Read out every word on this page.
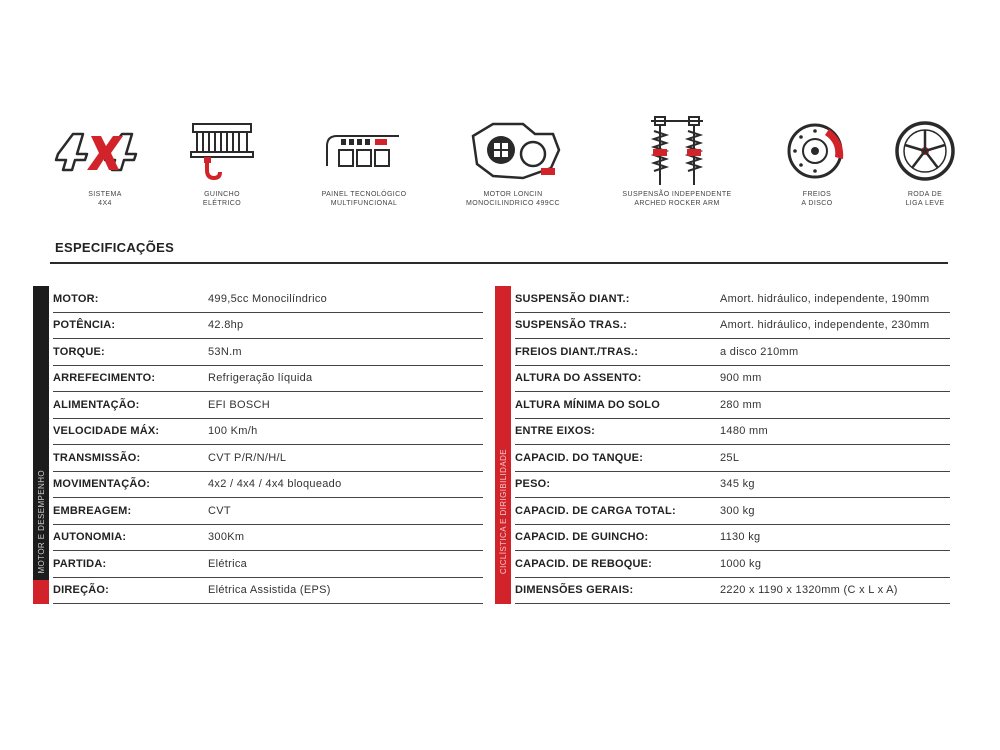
SISTEMA
4X4
GUINCHO
ELÉTRICO
PAINEL TECNOLÓGICO
MULTIFUNCIONAL
MOTOR LONCIN
MONOCILINDRICO 499CC
SUSPENSÃO INDEPENDENTE
ARCHED ROCKER ARM
FREIOS
A DISCO
RODA DE
LIGA LEVE
ESPECIFICAÇÕES
MOTOR E DESEMPENHO
MOTOR:	499,5cc Monocilíndrico
POTÊNCIA:	42.8hp
TORQUE:	53N.m
ARREFECIMENTO:	Refrigeração líquida
ALIMENTAÇÃO:	EFI BOSCH
VELOCIDADE MÁX:	100 Km/h
TRANSMISSÃO:	CVT P/R/N/H/L
MOVIMENTAÇÃO:	4x2 / 4x4 / 4x4 bloqueado
EMBREAGEM:	CVT
AUTONOMIA:	300Km
PARTIDA:	Elétrica
DIREÇÃO:	Elétrica Assistida (EPS)
CICLÍSTICA E DIRIGIBILIDADE
SUSPENSÃO DIANT.:	Amort. hidráulico, independente, 190mm
SUSPENSÃO TRAS.:	Amort. hidráulico, independente, 230mm
FREIOS DIANT./TRAS.:	a disco 210mm
ALTURA DO ASSENTO:	900 mm
ALTURA MÍNIMA DO SOLO	280 mm
ENTRE EIXOS:	1480 mm
CAPACID. DO TANQUE:	25L
PESO:	345 kg
CAPACID. DE CARGA TOTAL:	300 kg
CAPACID. DE GUINCHO:	1130 kg
CAPACID. DE REBOQUE:	1000 kg
DIMENSÕES GERAIS:	2220 x 1190 x 1320mm (C x L x A)
